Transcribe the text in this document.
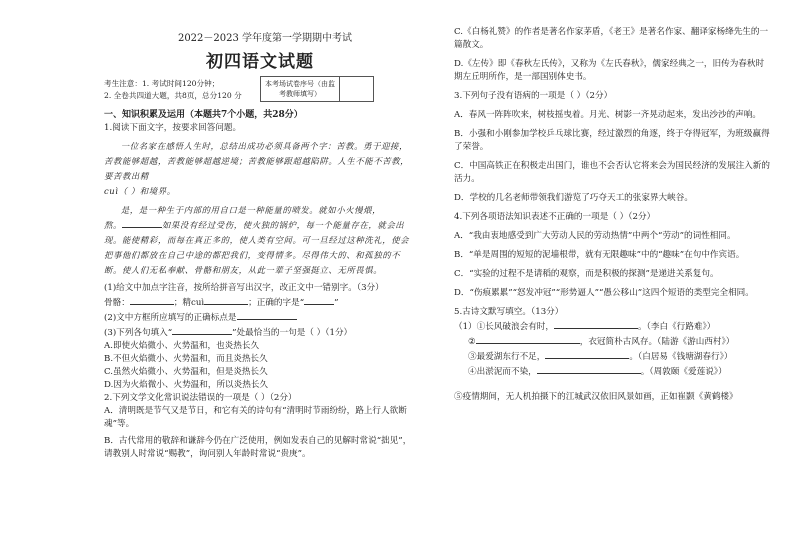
2022－2023 学年度第一学期期中考试
初四语文试题
考生注意：1. 考试时间120分钟；
2. 全卷共四道大题，共8页，总分120 分
本考场试卷序号（由监考教师填写）
一、知识积累及运用（本题共7个小题，共28分）
1.阅读下面文字，按要求回答问题。
一位名家在感悟人生时，总结出成功必须具备两个字：苦教。勇于迎接，苦教能够超越，苦教能够超越逆境；苦教能够跟超越陷阱。人生不能不苦教，要苦教出精
cuì（ ）和境界。
是，是一种生于内部的用自口是一种能量的喷发。就如小火慢煨，
熬。	如果没有经过受伤，使火独的锅炉，每一个能量存在，就会出现。能使精彩，而每在真正多的，使人类有空间。可一旦经过这种洗礼，使会把事他们都放在自己中途的都把我们，变得情多。尽得伟大的、和孤独的不断。使人们无私奉献、骨骼和朋友，从此一辈子坚强挺立、无所畏惧。
(1)给文中加点字注音，按所给拼音写出汉字，改正文中一错别字。（3分）
骨骼：	；精cuì	；正确的字是“	”
(2)文中方框所应填写的正确标点是
(3)下列各句填入“	”处最恰当的一句是（ ）（1分）
A.即使火焰微小、火势温和，也炎热长久
B.不但火焰微小、火势温和，而且炎热长久
C.虽然火焰微小、火势温和，但是炎热长久
D.因为火焰微小、火势温和，所以炎热长久
2.下列文学文化常识说法错误的一项是（ ）（2分）
A．清明既是节气又是节日，和它有关的诗句有“清明时节雨纷纷，路上行人欲断魂”等。
B．古代常用的敬辞和谦辞今仍在广泛使用，例如发表自己的见解时常说“拙见”，请教别人时常说“赐教”，询问别人年龄时常说“贵庚”。
C.《白杨礼赞》的作者是著名作家茅盾，《老王》是著名作家、翻译家杨绛先生的一篇散文。
D.《左传》即《春秋左氏传》，又称为《左氏春秋》，儒家经典之一，旧传为春秋时期左丘明所作，是一部国别体史书。
3.下列句子没有语病的一项是（ ）（2分）
A．春风一阵阵吹来，树枝摇曳着。月光、树影一齐晃动起来，发出沙沙的声响。
B．小强和小刚参加学校乒乓球比赛，经过激烈的角逐，终于夺得冠军，为班级赢得了荣誉。
C．中国高铁正在积极走出国门，谁也不会否认它将来会为国民经济的发展注入新的活力。
D．学校的几名老师带领我们游览了巧夺天工的张家界大峡谷。
4.下列各项语法知识表述不正确的一项是（ ）（2分）
A．“我由衷地感受到广大劳动人民的劳动热情”中两个“劳动”的词性相同。
B．“单是周围的短短的泥墙根带，就有无限趣味”中的“趣味”在句中作宾语。
C．“实验的过程不是请稻的观察，而是积极的探测”是递进关系复句。
D．“伤痕累累”“怒发冲冠”“形势逼人”“愚公移山”这四个短语的类型完全相同。
5.古诗文默写填空。（13分）
（1）①长风破浪会有时，	。（李白《行路难》）
②	，衣冠简朴古风存。（陆游《游山西村》）
③最爱湖东行不足，	。（白居易《钱塘湖春行》）
④出淤泥而不染，	。（周敦颐《爱莲说》）
⑤疫情期间，无人机拍摄下的江城武汉依旧风景如画，正如崔颢《黄鹤楼》
